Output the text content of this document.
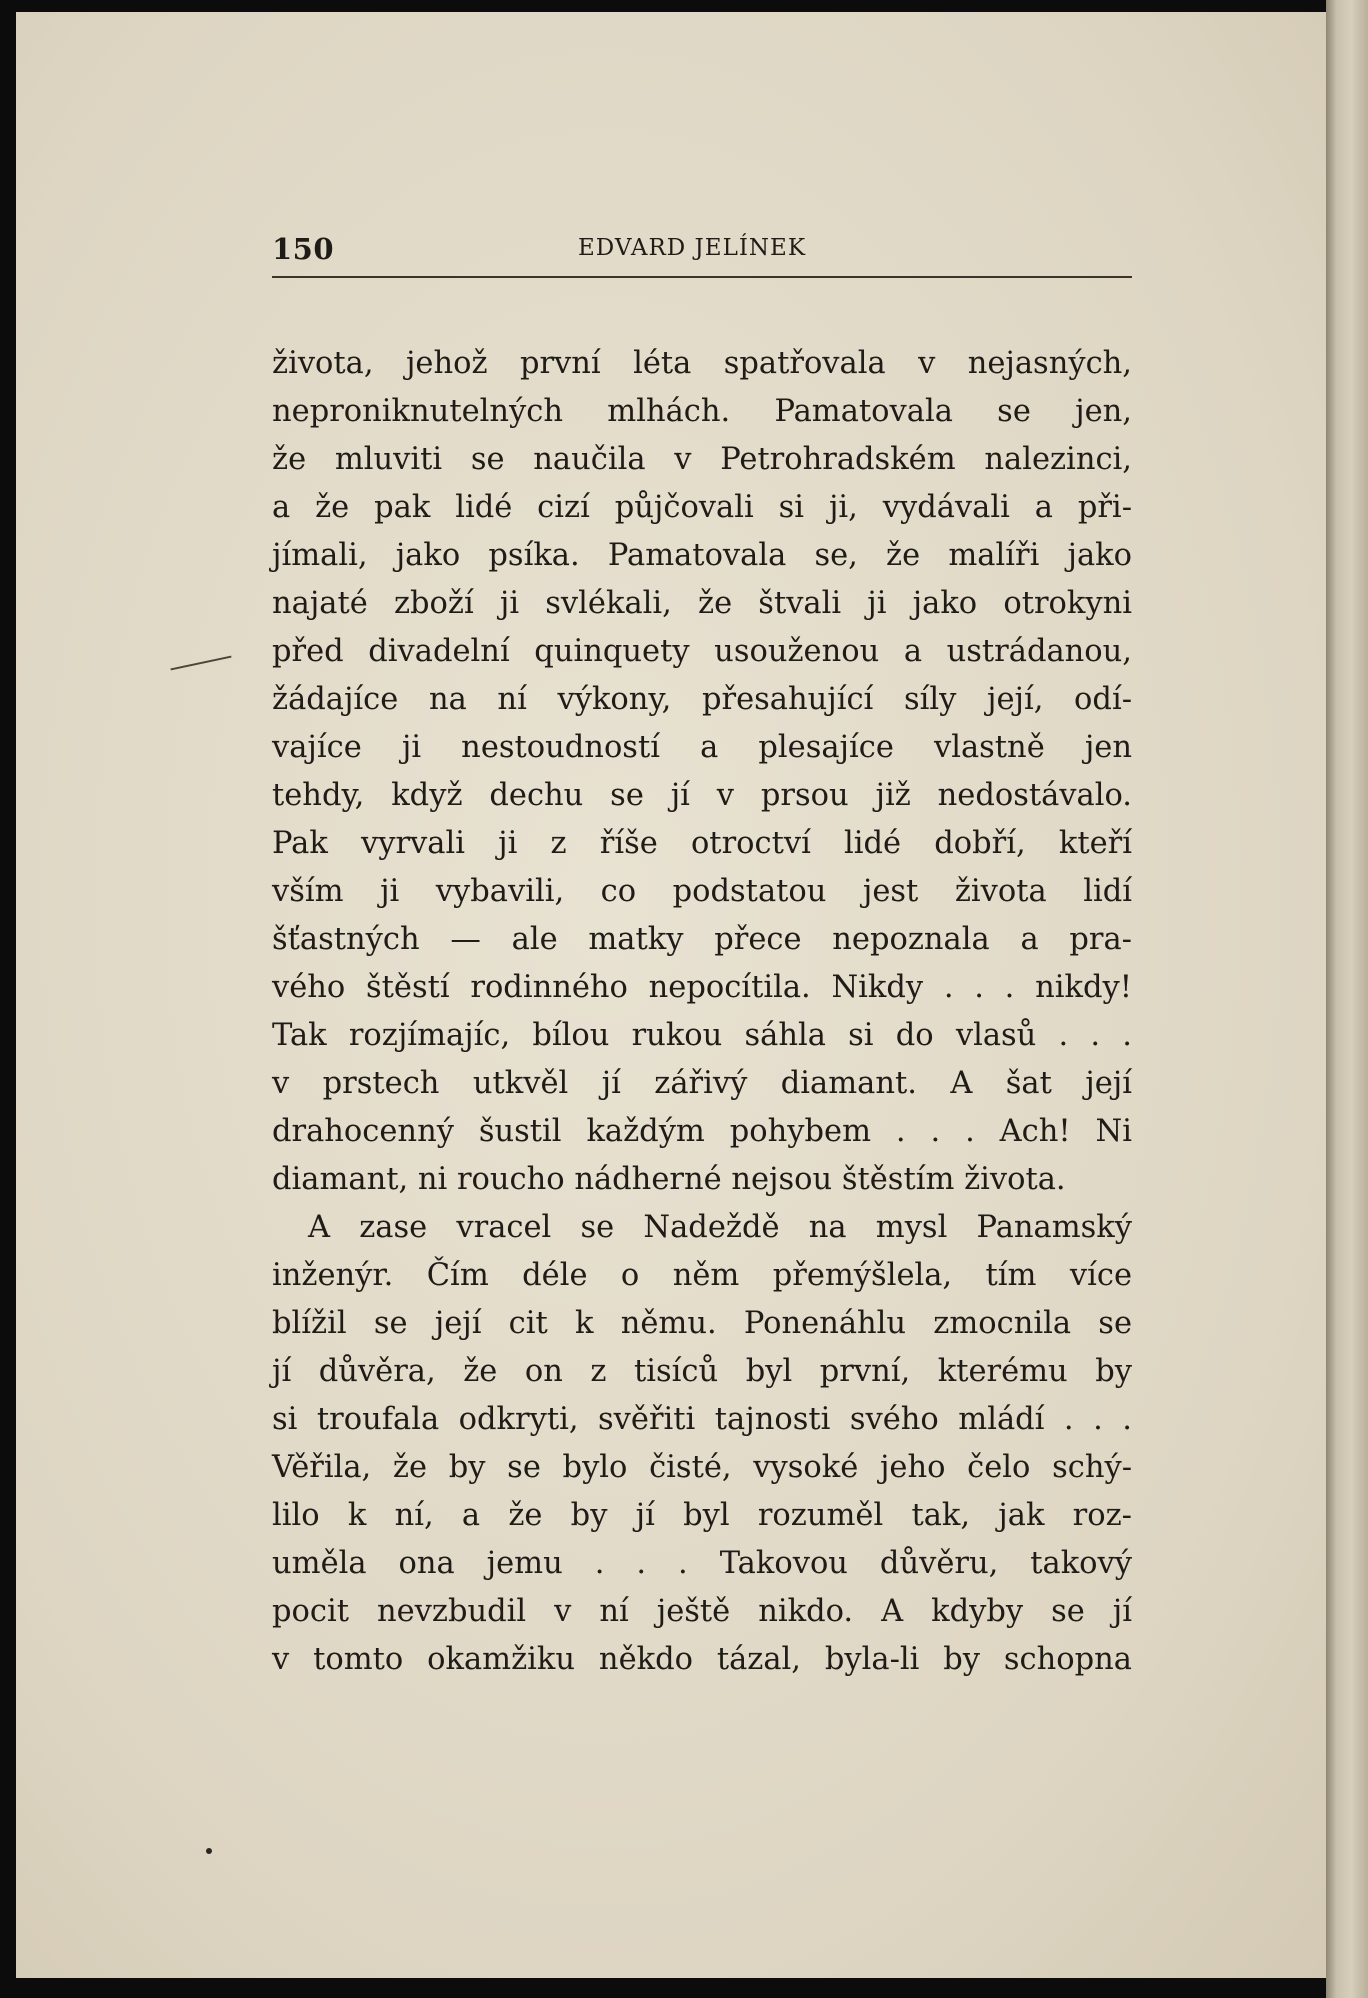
150	EDVARD JELÍNEK
života, jehož první léta spatřovala v nejasných,
neproniknutelných mlhách. Pamatovala se jen,
že mluviti se naučila v Petrohradském nalezinci,
a že pak lidé cizí půjčovali si ji, vydávali a při-
jímali, jako psíka. Pamatovala se, že malíři jako
najaté zboží ji svlékali, že štvali ji jako otrokyni
před divadelní quinquety usouženou a ustrádanou,
žádajíce na ní výkony, přesahující síly její, odí-
vajíce ji nestoudností a plesajíce vlastně jen
tehdy, když dechu se jí v prsou již nedostávalo.
Pak vyrvali ji z říše otroctví lidé dobří, kteří
vším ji vybavili, co podstatou jest života lidí
šťastných — ale matky přece nepoznala a pra-
vého štěstí rodinného nepocítila. Nikdy . . . nikdy!
Tak rozjímajíc, bílou rukou sáhla si do vlasů . . .
v prstech utkvěl jí zářivý diamant. A šat její
drahocenný šustil každým pohybem . . . Ach! Ni
diamant, ni roucho nádherné nejsou štěstím života.
A zase vracel se Nadeždě na mysl Panamský
inženýr. Čím déle o něm přemýšlela, tím více
blížil se její cit k němu. Ponenáhlu zmocnila se
jí důvěra, že on z tisíců byl první, kterému by
si troufala odkryti, svěřiti tajnosti svého mládí . . .
Věřila, že by se bylo čisté, vysoké jeho čelo schý-
lilo k ní, a že by jí byl rozuměl tak, jak roz-
uměla ona jemu . . . Takovou důvěru, takový
pocit nevzbudil v ní ještě nikdo. A kdyby se jí
v tomto okamžiku někdo tázal, byla-li by schopna
